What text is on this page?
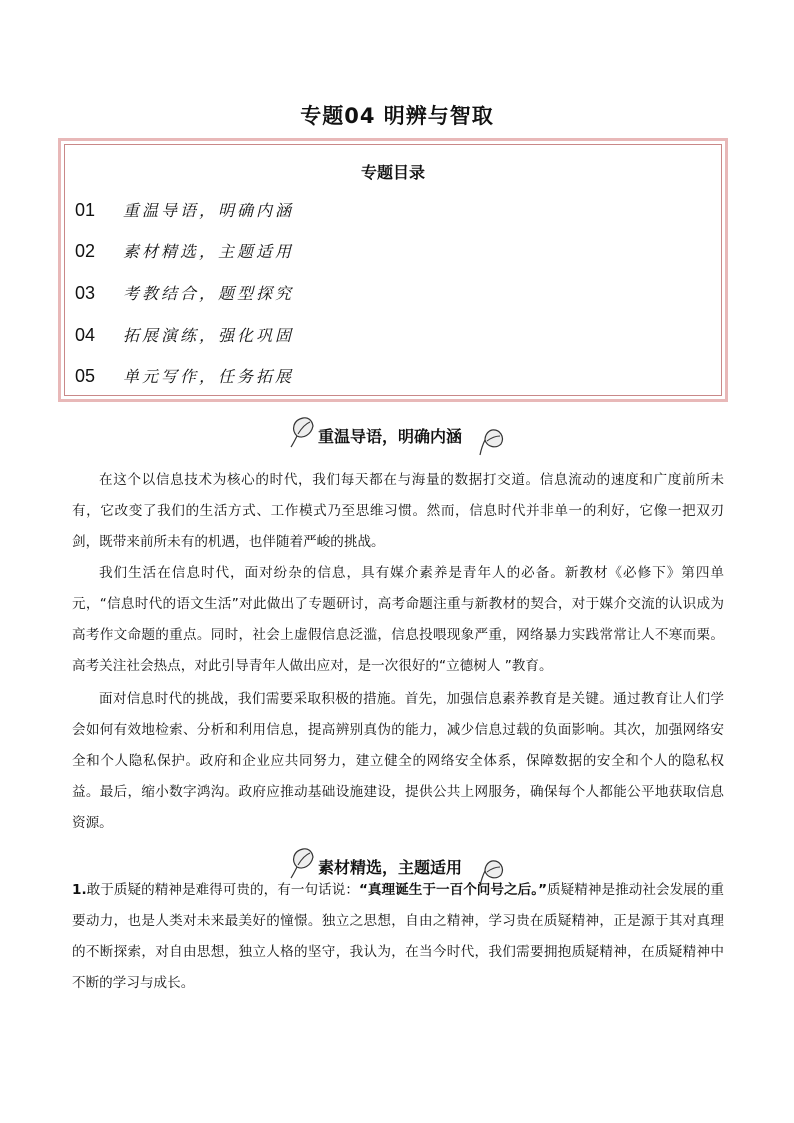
专题04 明辨与智取
专题目录
01 重温导语，明确内涵
02 素材精选，主题适用
03 考教结合，题型探究
04 拓展演练，强化巩固
05 单元写作，任务拓展
重温导语，明确内涵
在这个以信息技术为核心的时代，我们每天都在与海量的数据打交道。信息流动的速度和广度前所未有，它改变了我们的生活方式、工作模式乃至思维习惯。然而，信息时代并非单一的利好，它像一把双刃剑，既带来前所未有的机遇，也伴随着严峻的挑战。
我们生活在信息时代，面对纷杂的信息，具有媒介素养是青年人的必备。新教材《必修下》第四单元，“信息时代的语文生活”对此做出了专题研讨，高考命题注重与新教材的契合，对于媒介交流的认识成为高考作文命题的重点。同时，社会上虚假信息泛滥，信息投喂现象严重，网络暴力实践常常让人不寒而栗。高考关注社会热点，对此引导青年人做出应对，是一次很好的“立德树人 ”教育。
面对信息时代的挑战，我们需要采取积极的措施。首先，加强信息素养教育是关键。通过教育让人们学会如何有效地检索、分析和利用信息，提高辨别真伪的能力，减少信息过载的负面影响。其次，加强网络安全和个人隐私保护。政府和企业应共同努力，建立健全的网络安全体系，保障数据的安全和个人的隐私权益。最后，缩小数字鸿沟。政府应推动基础设施建设，提供公共上网服务，确保每个人都能公平地获取信息资源。
素材精选，主题适用
1.敢于质疑的精神是难得可贵的，有一句话说：“真理诞生于一百个问号之后。”质疑精神是推动社会发展的重要动力，也是人类对未来最美好的憧憬。独立之思想，自由之精神，学习贵在质疑精神，正是源于其对真理的不断探索，对自由思想，独立人格的坚守，我认为，在当今时代，我们需要拥抱质疑精神，在质疑精神中不断的学习与成长。
